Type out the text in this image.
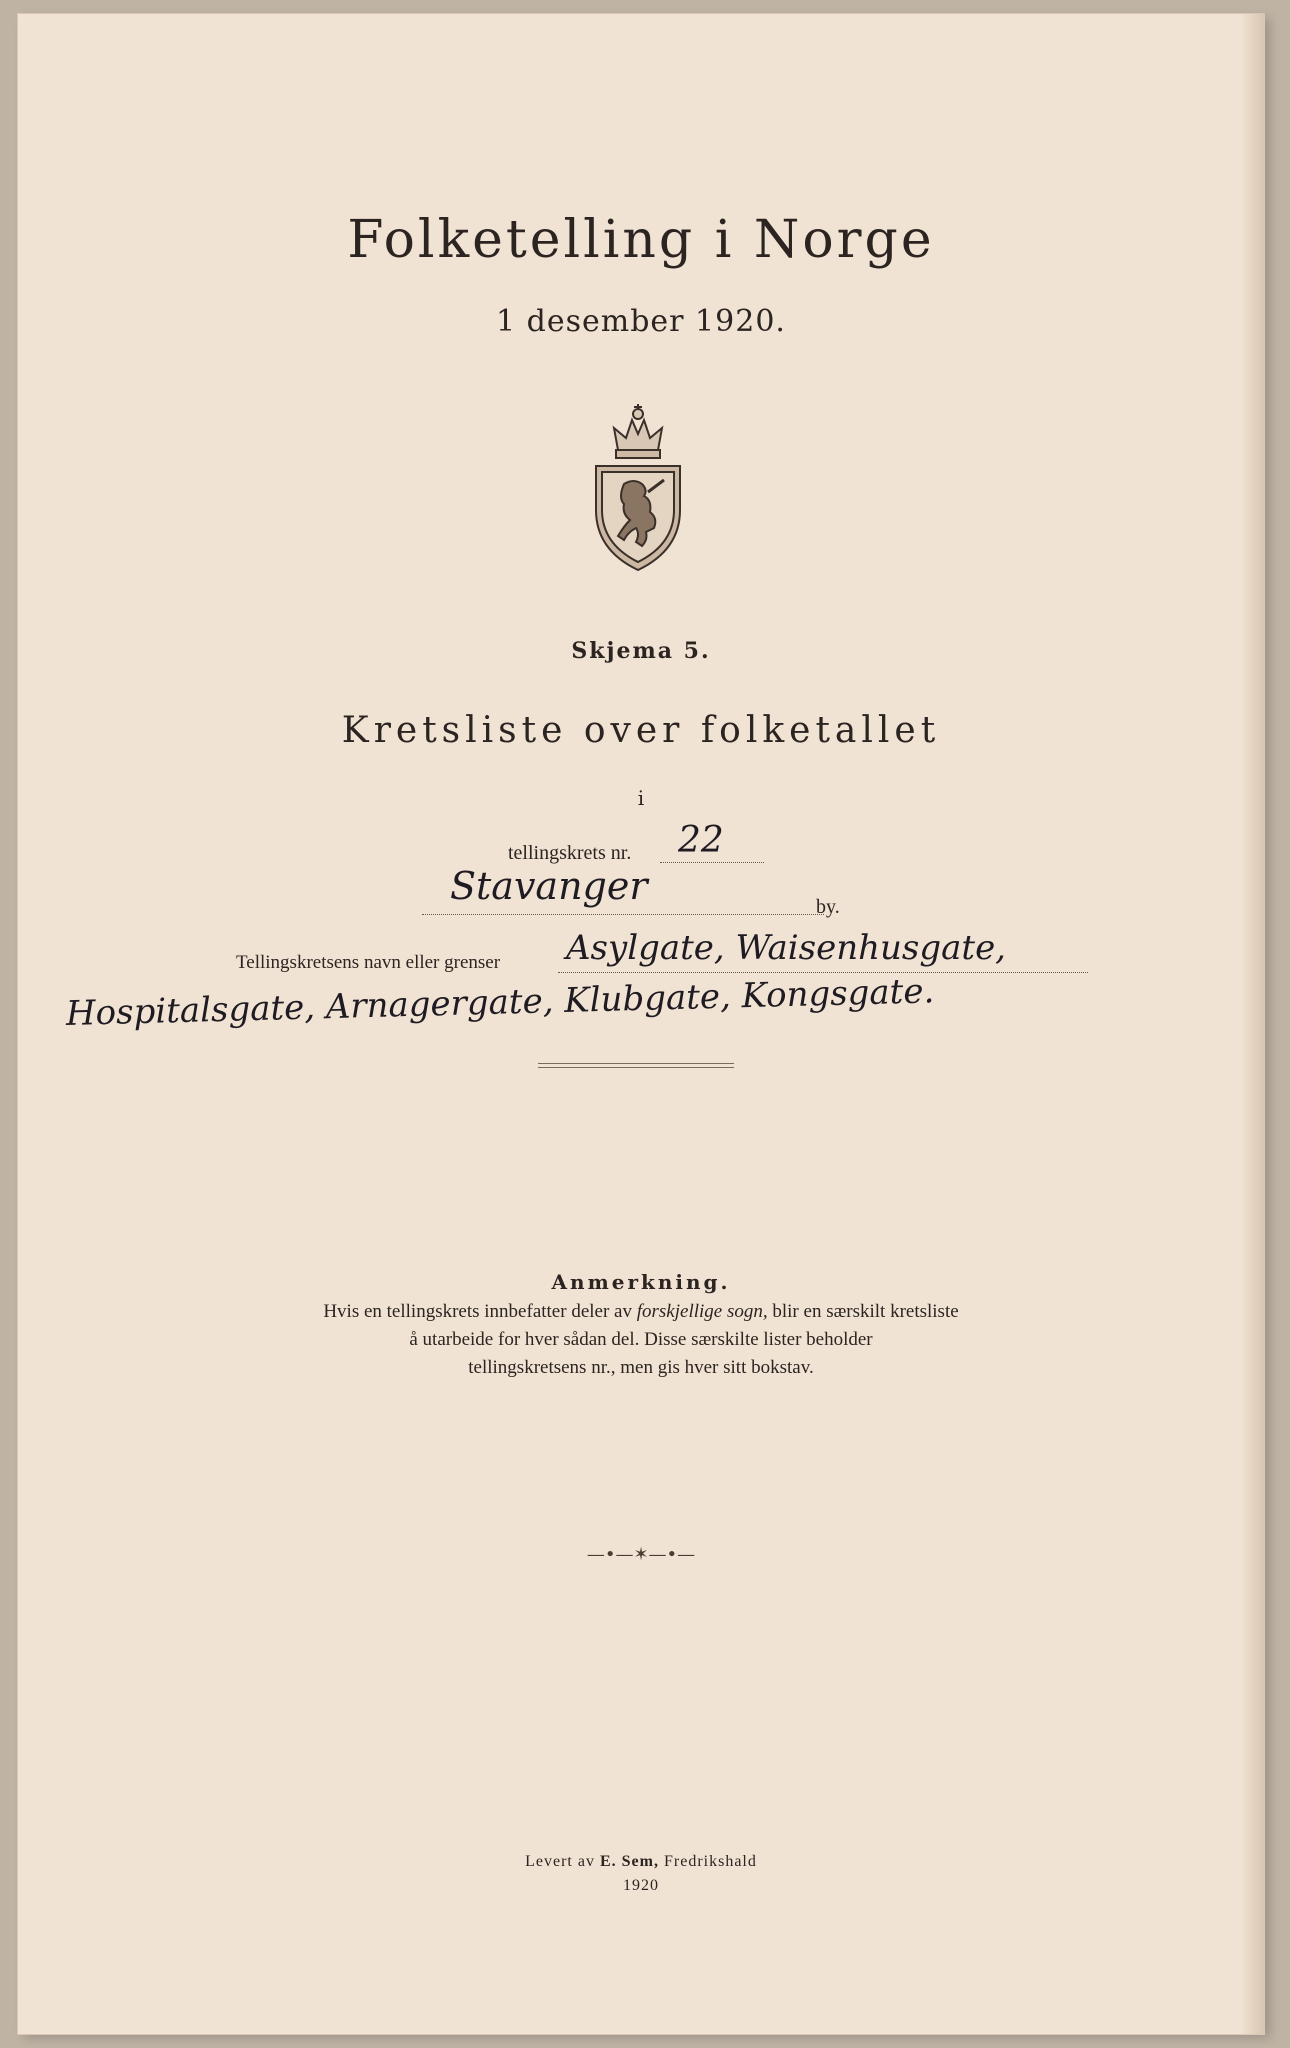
Folketelling i Norge
1 desember 1920.
Skjema 5.
Kretsliste over folketallet
i
tellingskrets nr. 22
Stavanger	by.
Tellingskretsens navn eller grenser Asylgate, Waisenhusgate,
Hospitalsgate, Arnagergate, Klubgate, Kongsgate.
Anmerkning.
Hvis en tellingskrets innbefatter deler av forskjellige sogn, blir en særskilt kretsliste
å utarbeide for hver sådan del. Disse særskilte lister beholder
tellingskretsens nr., men gis hver sitt bokstav.
—•—✶—•—
Levert av E. Sem, Fredrikshald
1920
